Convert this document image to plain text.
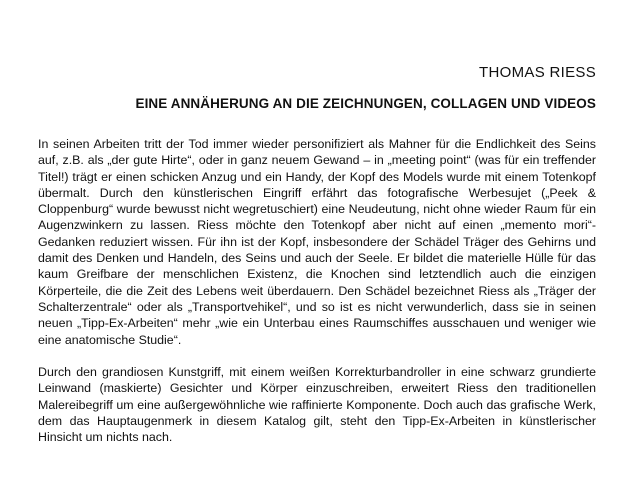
THOMAS RIESS
EINE ANNÄHERUNG AN DIE ZEICHNUNGEN, COLLAGEN UND VIDEOS

In seinen Arbeiten tritt der Tod immer wieder personifiziert als Mahner für die Endlichkeit des Seins auf, z.B. als „der gute Hirte“, oder in ganz neuem Gewand – in „meeting point“ (was für ein treffender Titel!) trägt er einen schicken Anzug und ein Handy, der Kopf des Models wurde mit einem Totenkopf übermalt. Durch den künstlerischen Eingriff erfährt das fotografische Werbesujet („Peek & Cloppenburg“ wurde bewusst nicht wegretuschiert) eine Neudeutung, nicht ohne wieder Raum für ein Augenzwinkern zu lassen. Riess möchte den Totenkopf aber nicht auf einen „memento mori“-Gedanken reduziert wissen. Für ihn ist der Kopf, insbesondere der Schädel Träger des Gehirns und damit des Denken und Handeln, des Seins und auch der Seele. Er bildet die materielle Hülle für das kaum Greifbare der menschlichen Existenz, die Knochen sind letztendlich auch die einzigen Körperteile, die die Zeit des Lebens weit überdauern. Den Schädel bezeichnet Riess als „Träger der Schalterzentrale“ oder als „Transportvehikel“, und so ist es nicht verwunderlich, dass sie in seinen neuen „Tipp-Ex-Arbeiten“ mehr „wie ein Unterbau eines Raumschiffes ausschauen und weniger wie eine anatomische Studie“.

Durch den grandiosen Kunstgriff, mit einem weißen Korrekturbandroller in eine schwarz grundierte Leinwand (maskierte) Gesichter und Körper einzuschreiben, erweitert Riess den traditionellen Malereibegriff um eine außergewöhnliche wie raffinierte Komponente. Doch auch das grafische Werk, dem das Hauptaugenmerk in diesem Katalog gilt, steht den Tipp-Ex-Arbeiten in künstlerischer Hinsicht um nichts nach.
